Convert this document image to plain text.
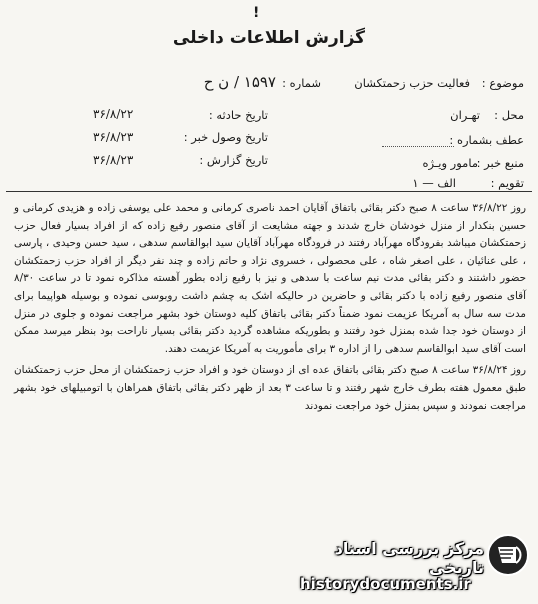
!
گزارش اطلاعات داخلی
موضوع :
فعالیت حزب زحمتکشان
شماره :
۱۵۹۷ / ن ح
محل :
تهـران
تاریخ حادثه :
۳۶/۸/۲۲
عطف بشماره :
تاریخ وصول خبر :
۳۶/۸/۲۳
منبع خبر :
مامور ویـژه
تاریخ گزارش :
۳۶/۸/۲۳
تقویم :
الف — ۱

روز ۳۶/۸/۲۲ ساعت ۸ صبح دکتر بقائی باتفاق آقایان احمد ناصری کرمانی و محمد علی یوسفی زاده و هزیدی کرمانی و حسین بنکدار از منزل خودشان خارج شدند و جهته مشایعت از آقای منصور رفیع زاده که از افراد بسیار فعال حزب زحمتکشان میباشد بفرودگاه مهرآباد رفتند در فرودگاه مهرآباد آقایان سید ابوالقاسم سدهی ، سید حسن وحیدی ، پارسی ، علی عنائیان ، علی اصغر شاه ، علی محصولی ، خسروی نژاد و حاتم زاده و چند نفر دیگر از افراد حزب زحمتکشان حضور داشتند و دکتر بقائی مدت نیم ساعت با سدهی و نیز با رفیع زاده بطور آهسته مذاکره نمود تا در ساعت ۸/۳۰ آقای منصور رفیع زاده با دکتر بقائی و حاضرین در حالیکه اشک به چشم داشت روبوسی نموده و بوسیله هواپیما برای مدت سه سال به آمریکا عزیمت نمود ضمناً دکتر بقائی باتفاق کلیه دوستان خود بشهر مراجعت نموده و جلوی در منزل از دوستان خود جدا شده بمنزل خود رفتند و بطوریکه مشاهده گردید دکتر بقائی بسیار ناراحت بود بنظر میرسد ممکن است آقای سید ابوالقاسم سدهی را از اداره ۳ برای مأموریت به آمریکا عزیمت دهند.

روز ۳۶/۸/۲۴ ساعت ۸ صبح دکتر بقائی باتفاق عده ای از دوستان خود و افراد حزب زحمتکشان از محل حزب زحمتکشان طبق معمول هفته بطرف خارج شهر رفتند و تا ساعت ۳ بعد از ظهر دکتر بقائی باتفاق همراهان با اتومبیلهای خود بشهر مراجعت نمودند و سپس بمنزل خود مراجعت نمودند

مرکز بررسی اسناد تاریخی
historydocuments.ir
